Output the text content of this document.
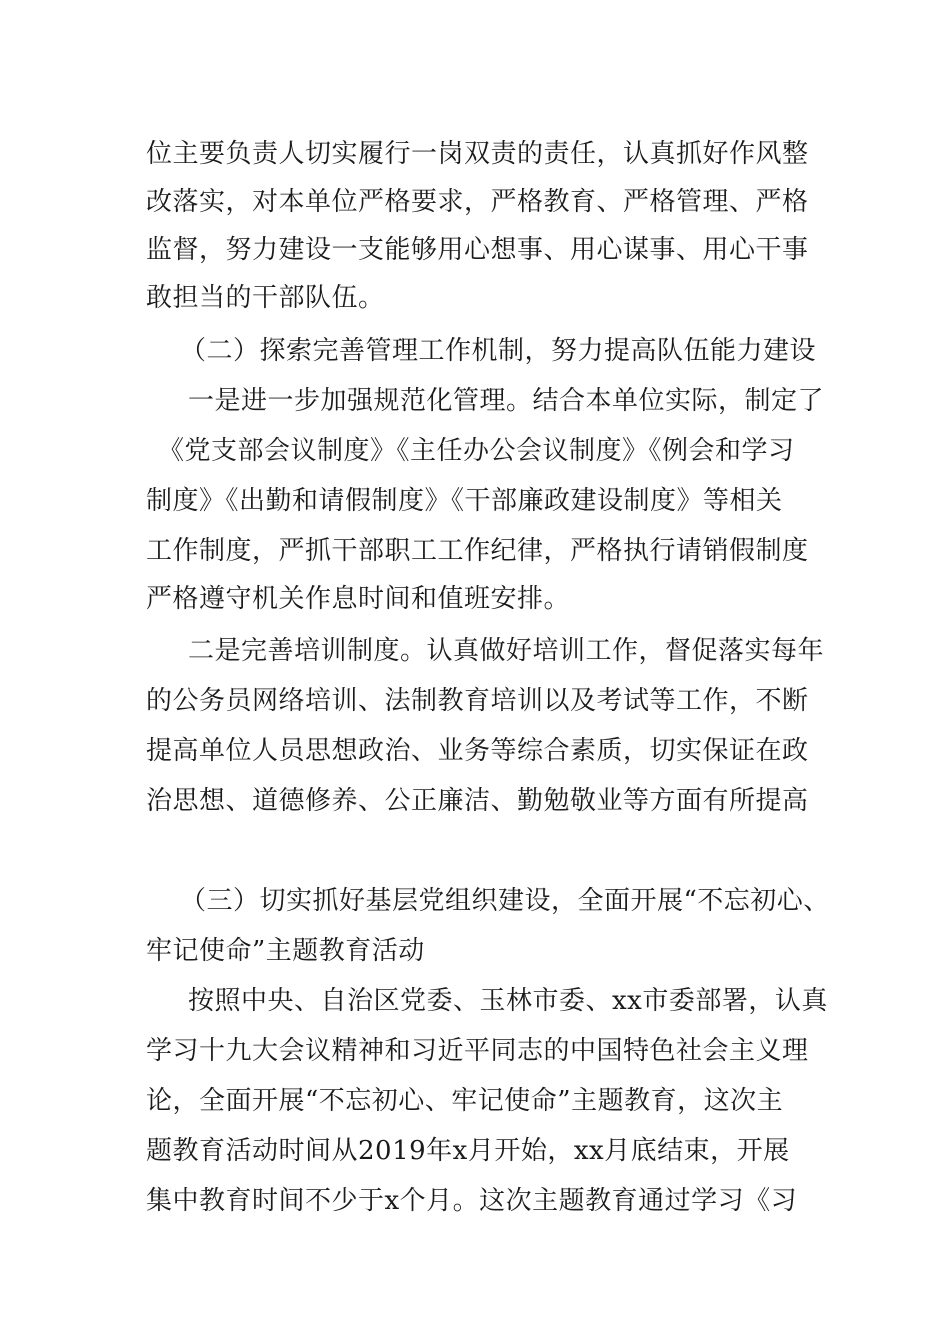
位主要负责人切实履行一岗双责的责任，认真抓好作风整
改落实，对本单位严格要求，严格教育、严格管理、严格
监督，努力建设一支能够用心想事、用心谋事、用心干事
敢担当的干部队伍。
（二）探索完善管理工作机制，努力提高队伍能力建设
一是进一步加强规范化管理。结合本单位实际，制定了
《党支部会议制度》《主任办公会议制度》《例会和学习
制度》《出勤和请假制度》《干部廉政建设制度》等相关
工作制度，严抓干部职工工作纪律，严格执行请销假制度
严格遵守机关作息时间和值班安排。
二是完善培训制度。认真做好培训工作，督促落实每年
的公务员网络培训、法制教育培训以及考试等工作，不断
提高单位人员思想政治、业务等综合素质，切实保证在政
治思想、道德修养、公正廉洁、勤勉敬业等方面有所提高
（三）切实抓好基层党组织建设，全面开展“不忘初心、
牢记使命”主题教育活动
按照中央、自治区党委、玉林市委、xx市委部署，认真
学习十九大会议精神和习近平同志的中国特色社会主义理
论，全面开展“不忘初心、牢记使命”主题教育，这次主
题教育活动时间从2019年x月开始，xx月底结束，开展
集中教育时间不少于x个月。这次主题教育通过学习《习
